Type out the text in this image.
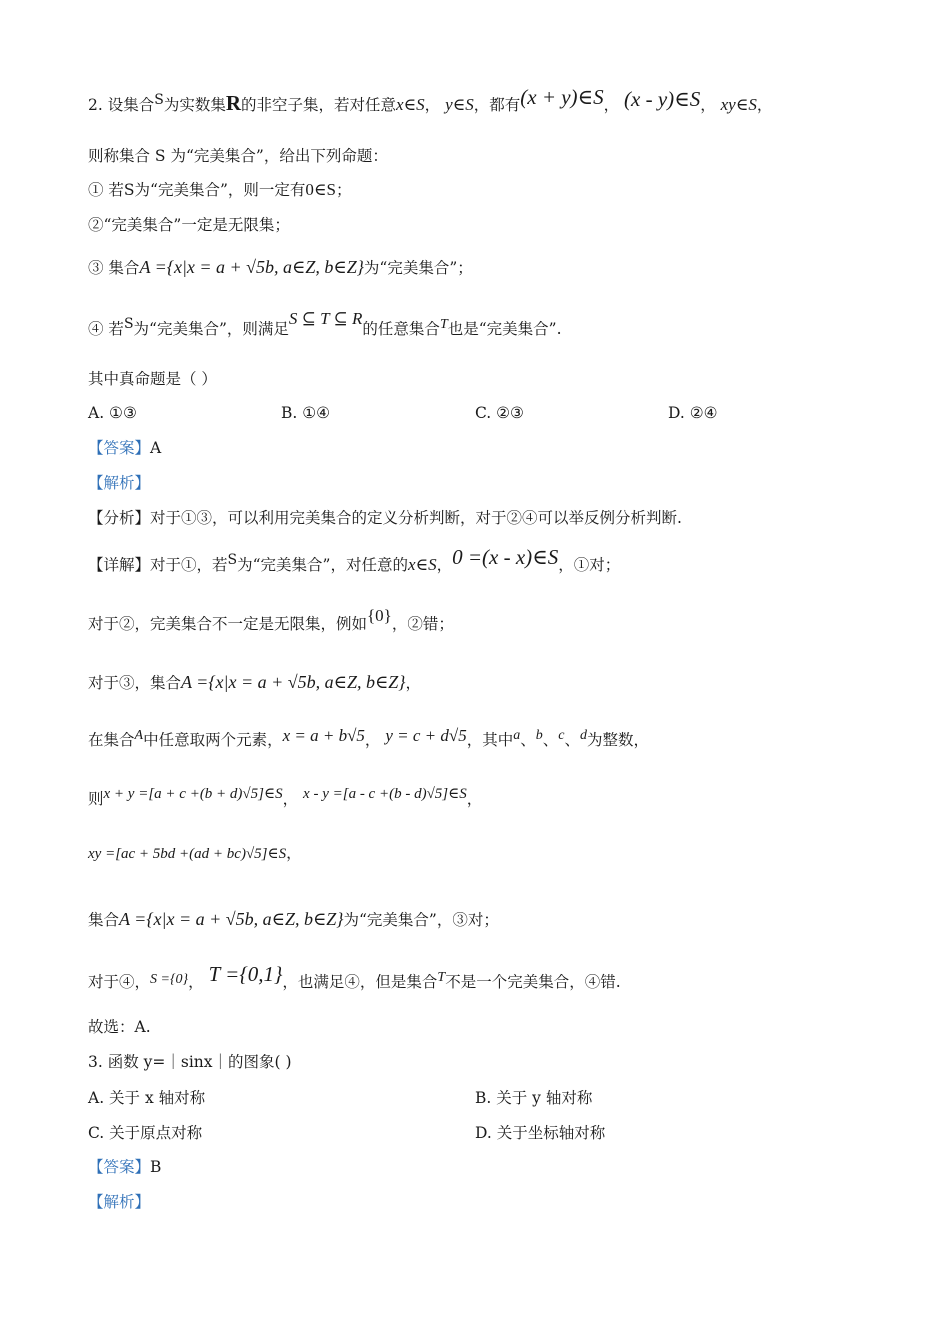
2. 设集合S为实数集R的非空子集，若对任意x∈S， y∈S，都有(x + y)∈S， (x - y)∈S， xy∈S，
则称集合 S 为“完美集合”，给出下列命题：
① 若S为“完美集合”，则一定有0∈S；
②“完美集合”一定是无限集；
③ 集合A ={x|x = a + √5b, a∈Z, b∈Z}为“完美集合”；
④ 若S为“完美集合”，则满足S ⊆ T ⊆ R的任意集合T也是“完美集合”.
其中真命题是（ ）
A. ①③	B. ①④	C. ②③	D. ②④
【答案】A
【解析】
【分析】对于①③，可以利用完美集合的定义分析判断，对于②④可以举反例分析判断.
【详解】对于①，若S为“完美集合”，对任意的x∈S，0 =(x - x)∈S，①对；
对于②，完美集合不一定是无限集，例如{0}，②错；
对于③，集合A ={x|x = a + √5b, a∈Z, b∈Z}，
在集合A中任意取两个元素，x = a + b√5， y = c + d√5，其中a、b、c、d为整数，
则x + y =[a + c +(b + d)√5]∈S， x - y =[a - c +(b - d)√5]∈S，
xy =[ac + 5bd +(ad + bc)√5]∈S，
集合A ={x|x = a + √5b, a∈Z, b∈Z}为“完美集合”，③对；
对于④，S ={0}， T ={0,1}，也满足④，但是集合T不是一个完美集合，④错.
故选：A.
3. 函数 y=｜sinx｜的图象( )
A. 关于 x 轴对称	B. 关于 y 轴对称
C. 关于原点对称	D. 关于坐标轴对称
【答案】B
【解析】
